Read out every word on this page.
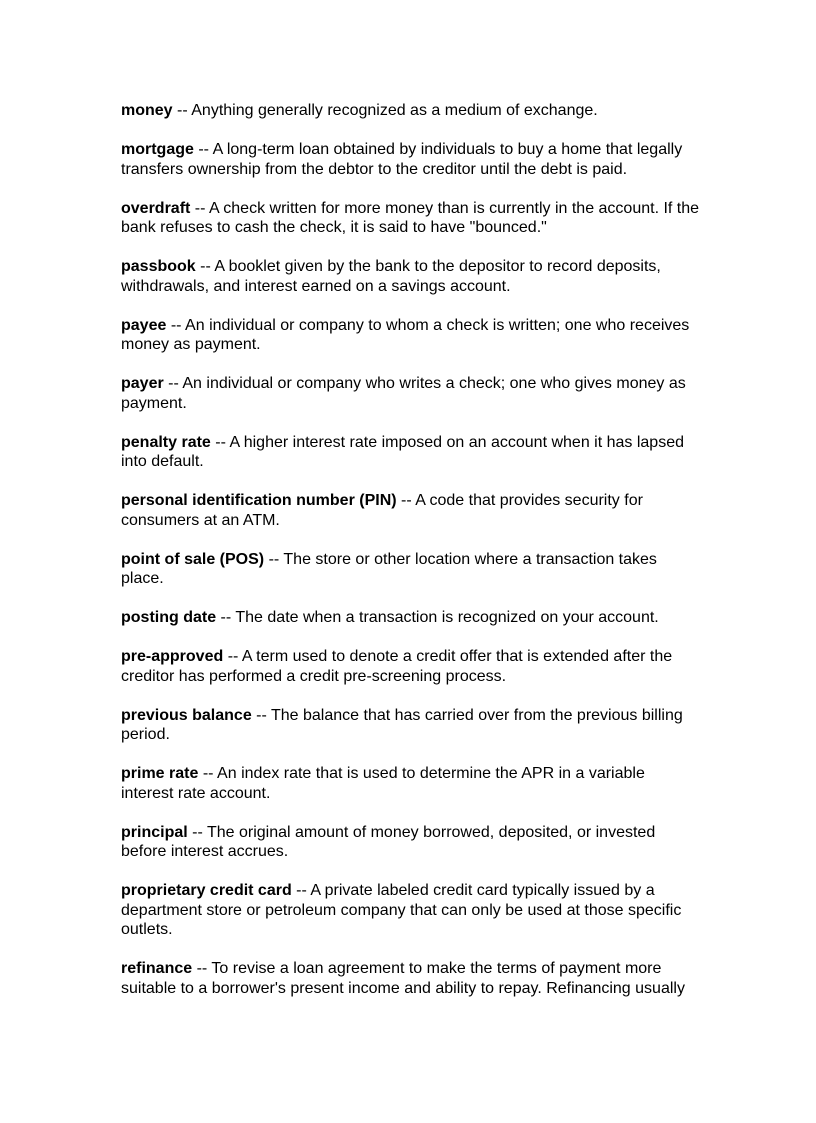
money -- Anything generally recognized as a medium of exchange.

mortgage -- A long-term loan obtained by individuals to buy a home that legally transfers ownership from the debtor to the creditor until the debt is paid.

overdraft -- A check written for more money than is currently in the account. If the bank refuses to cash the check, it is said to have "bounced."

passbook -- A booklet given by the bank to the depositor to record deposits, withdrawals, and interest earned on a savings account.

payee -- An individual or company to whom a check is written; one who receives money as payment.

payer -- An individual or company who writes a check; one who gives money as payment.

penalty rate -- A higher interest rate imposed on an account when it has lapsed into default.

personal identification number (PIN) -- A code that provides security for consumers at an ATM.

point of sale (POS) -- The store or other location where a transaction takes place.

posting date -- The date when a transaction is recognized on your account.

pre-approved -- A term used to denote a credit offer that is extended after the creditor has performed a credit pre-screening process.

previous balance -- The balance that has carried over from the previous billing period.

prime rate -- An index rate that is used to determine the APR in a variable interest rate account.

principal -- The original amount of money borrowed, deposited, or invested before interest accrues.

proprietary credit card -- A private labeled credit card typically issued by a department store or petroleum company that can only be used at those specific outlets.

refinance -- To revise a loan agreement to make the terms of payment more suitable to a borrower's present income and ability to repay. Refinancing usually
